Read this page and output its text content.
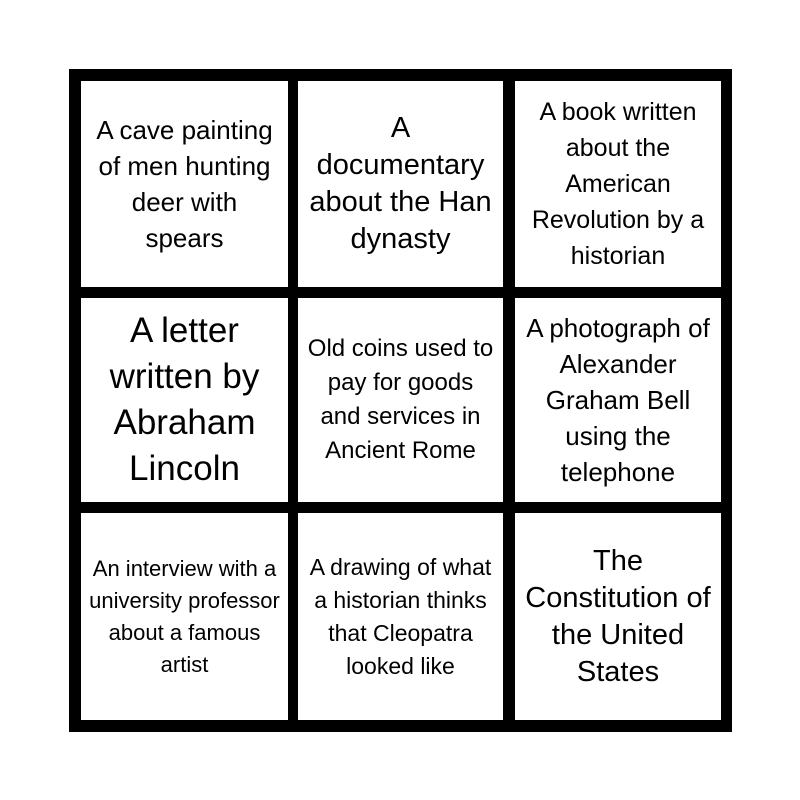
A cave painting of men hunting deer with spears
A documentary about the Han dynasty
A book written about the American Revolution by a historian
A letter written by Abraham Lincoln
Old coins used to pay for goods and services in Ancient Rome
A photograph of Alexander Graham Bell using the telephone
An interview with a university professor about a famous artist
A drawing of what a historian thinks that Cleopatra looked like
The Constitution of the United States
